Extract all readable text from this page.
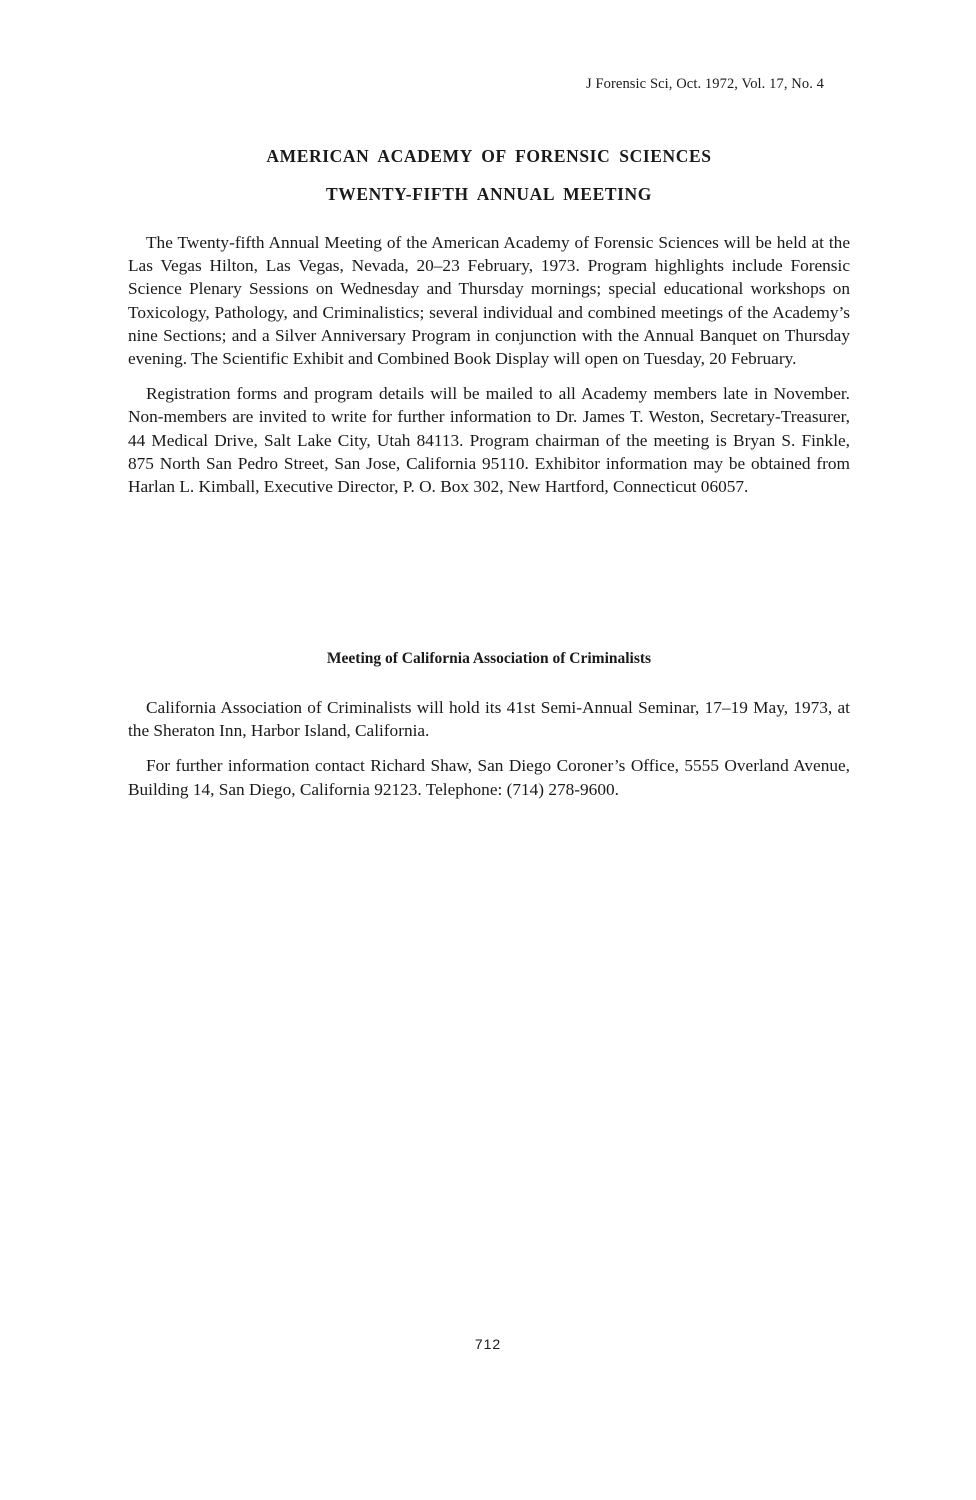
J Forensic Sci, Oct. 1972, Vol. 17, No. 4

AMERICAN ACADEMY OF FORENSIC SCIENCES

TWENTY-FIFTH ANNUAL MEETING

The Twenty-fifth Annual Meeting of the American Academy of Forensic Sciences will be held at the Las Vegas Hilton, Las Vegas, Nevada, 20–23 February, 1973. Program highlights include Forensic Science Plenary Sessions on Wednesday and Thursday mornings; special educational workshops on Toxicology, Pathology, and Criminalistics; several individual and combined meetings of the Academy’s nine Sections; and a Silver Anniversary Program in conjunction with the Annual Banquet on Thursday evening. The Scientific Exhibit and Combined Book Display will open on Tuesday, 20 February.

Registration forms and program details will be mailed to all Academy members late in November. Non-members are invited to write for further information to Dr. James T. Weston, Secretary-Treasurer, 44 Medical Drive, Salt Lake City, Utah 84113. Program chairman of the meeting is Bryan S. Finkle, 875 North San Pedro Street, San Jose, California 95110. Exhibitor information may be obtained from Harlan L. Kimball, Executive Director, P. O. Box 302, New Hartford, Connecticut 06057.

Meeting of California Association of Criminalists

California Association of Criminalists will hold its 41st Semi-Annual Seminar, 17–19 May, 1973, at the Sheraton Inn, Harbor Island, California.

For further information contact Richard Shaw, San Diego Coroner’s Office, 5555 Overland Avenue, Building 14, San Diego, California 92123. Telephone: (714) 278-9600.

712
